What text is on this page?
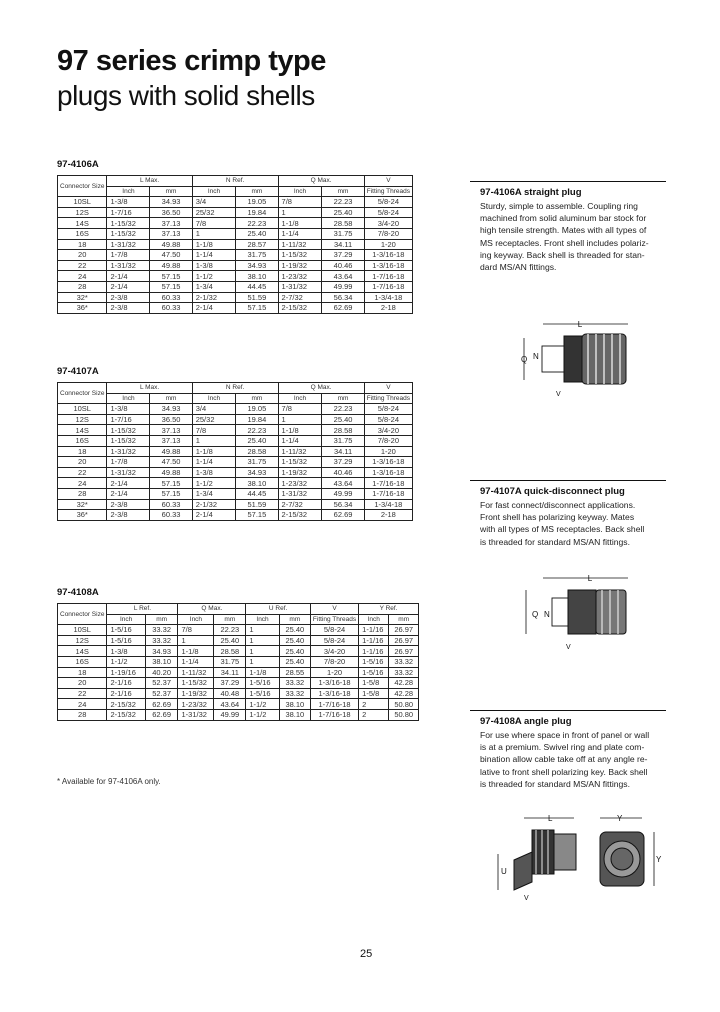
97 series crimp type
plugs with solid shells
97-4106A
Connector Size	L Max.		N Ref.		Q Max.		V
	Inch	mm	Inch	mm	Inch	mm	Fitting Threads
10SL	1-3/8	34.93	3/4	19.05	7/8	22.23	5/8-24
12S	1-7/16	36.50	25/32	19.84	1	25.40	5/8-24
14S	1-15/32	37.13	7/8	22.23	1-1/8	28.58	3/4-20
16S	1-15/32	37.13	1	25.40	1-1/4	31.75	7/8-20
18	1-31/32	49.88	1-1/8	28.57	1-11/32	34.11	1-20
20	1-7/8	47.50	1-1/4	31.75	1-15/32	37.29	1-3/16-18
22	1-31/32	49.88	1-3/8	34.93	1-19/32	40.46	1-3/16-18
24	2-1/4	57.15	1-1/2	38.10	1-23/32	43.64	1-7/16-18
28	2-1/4	57.15	1-3/4	44.45	1-31/32	49.99	1-7/16-18
32*	2-3/8	60.33	2-1/32	51.59	2-7/32	56.34	1-3/4-18
36*	2-3/8	60.33	2-1/4	57.15	2-15/32	62.69	2-18
97-4107A
Connector Size	L Max.		N Ref.		Q Max.		V
	Inch	mm	Inch	mm	Inch	mm	Fitting Threads
10SL	1-3/8	34.93	3/4	19.05	7/8	22.23	5/8-24
12S	1-7/16	36.50	25/32	19.84	1	25.40	5/8-24
14S	1-15/32	37.13	7/8	22.23	1-1/8	28.58	3/4-20
16S	1-15/32	37.13	1	25.40	1-1/4	31.75	7/8-20
18	1-31/32	49.88	1-1/8	28.58	1-11/32	34.11	1-20
20	1-7/8	47.50	1-1/4	31.75	1-15/32	37.29	1-3/16-18
22	1-31/32	49.88	1-3/8	34.93	1-19/32	40.46	1-3/16-18
24	2-1/4	57.15	1-1/2	38.10	1-23/32	43.64	1-7/16-18
28	2-1/4	57.15	1-3/4	44.45	1-31/32	49.99	1-7/16-18
32*	2-3/8	60.33	2-1/32	51.59	2-7/32	56.34	1-3/4-18
36*	2-3/8	60.33	2-1/4	57.15	2-15/32	62.69	2-18
97-4108A
Connector Size	L Ref.		Q Max.		U Ref.		V	Y Ref.	
	Inch	mm	Inch	mm	Inch	mm	Fitting Threads	Inch	mm
10SL	1-5/16	33.32	7/8	22.23	1	25.40	5/8-24	1-1/16	26.97
12S	1-5/16	33.32	1	25.40	1	25.40	5/8-24	1-1/16	26.97
14S	1-3/8	34.93	1-1/8	28.58	1	25.40	3/4-20	1-1/16	26.97
16S	1-1/2	38.10	1-1/4	31.75	1	25.40	7/8-20	1-5/16	33.32
18	1-19/16	40.20	1-11/32	34.11	1-1/8	28.55	1-20	1-5/16	33.32
20	2-1/16	52.37	1-15/32	37.29	1-5/16	33.32	1-3/16-18	1-5/8	42.28
22	2-1/16	52.37	1-19/32	40.48	1-5/16	33.32	1-3/16-18	1-5/8	42.28
24	2-15/32	62.69	1-23/32	43.64	1-1/2	38.10	1-7/16-18	2	50.80
28	2-15/32	62.69	1-31/32	49.99	1-1/2	38.10	1-7/16-18	2	50.80
* Available for 97-4106A only.
97-4106A straight plug

Sturdy, simple to assemble. Coupling ring
machined from solid aluminum bar stock for
high tensile strength. Mates with all types of
MS receptacles. Front shell includes polariz-
ing keyway. Back shell is threaded for stan-
dard MS/AN fittings.

97-4107A quick-disconnect plug

For fast connect/disconnect applications.
Front shell has polarizing keyway. Mates
with all types of MS receptacles. Back shell
is threaded for standard MS/AN fittings.

97-4108A angle plug

For use where space in front of panel or wall
is at a premium. Swivel ring and plate com-
bination allow cable take off at any angle re-
lative to front shell polarizing key. Back shell
is threaded for standard MS/AN fittings.

L
Q N
V
L
Q N
V
L
U
V
Y
Y
25
